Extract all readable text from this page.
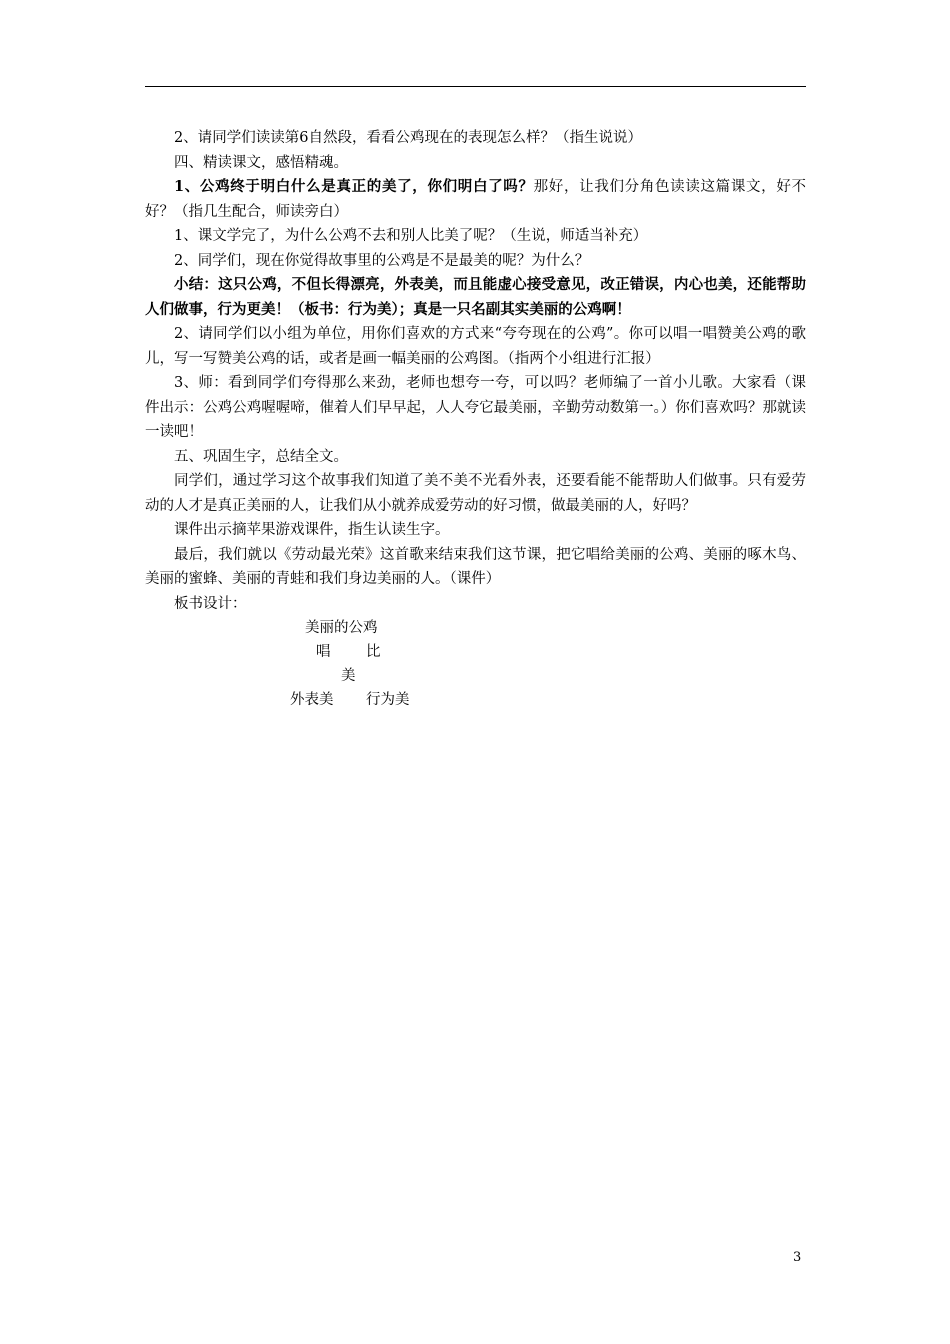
2、请同学们读读第6自然段，看看公鸡现在的表现怎么样？（指生说说）

四、精读课文，感悟精魂。

1、公鸡终于明白什么是真正的美了，你们明白了吗？那好，让我们分角色读读这篇课文，好不好？（指几生配合，师读旁白）

1、课文学完了，为什么公鸡不去和别人比美了呢？（生说，师适当补充）

2、同学们，现在你觉得故事里的公鸡是不是最美的呢？为什么？

小结：这只公鸡，不但长得漂亮，外表美，而且能虚心接受意见，改正错误，内心也美，还能帮助人们做事，行为更美！（板书：行为美）；真是一只名副其实美丽的公鸡啊！

2、请同学们以小组为单位，用你们喜欢的方式来“夸夸现在的公鸡”。你可以唱一唱赞美公鸡的歌儿，写一写赞美公鸡的话，或者是画一幅美丽的公鸡图。（指两个小组进行汇报）

3、师：看到同学们夸得那么来劲，老师也想夸一夸，可以吗？老师编了一首小儿歌。大家看（课件出示：公鸡公鸡喔喔啼，催着人们早早起，人人夸它最美丽，辛勤劳动数第一。）你们喜欢吗？那就读一读吧！

五、巩固生字，总结全文。

同学们，通过学习这个故事我们知道了美不美不光看外表，还要看能不能帮助人们做事。只有爱劳动的人才是真正美丽的人，让我们从小就养成爱劳动的好习惯，做最美丽的人，好吗？

课件出示摘苹果游戏课件，指生认读生字。

最后，我们就以《劳动最光荣》这首歌来结束我们这节课，把它唱给美丽的公鸡、美丽的啄木鸟、美丽的蜜蜂、美丽的青蛙和我们身边美丽的人。（课件）

板书设计：

美丽的公鸡
唱 比
美
外表美 行为美
3
